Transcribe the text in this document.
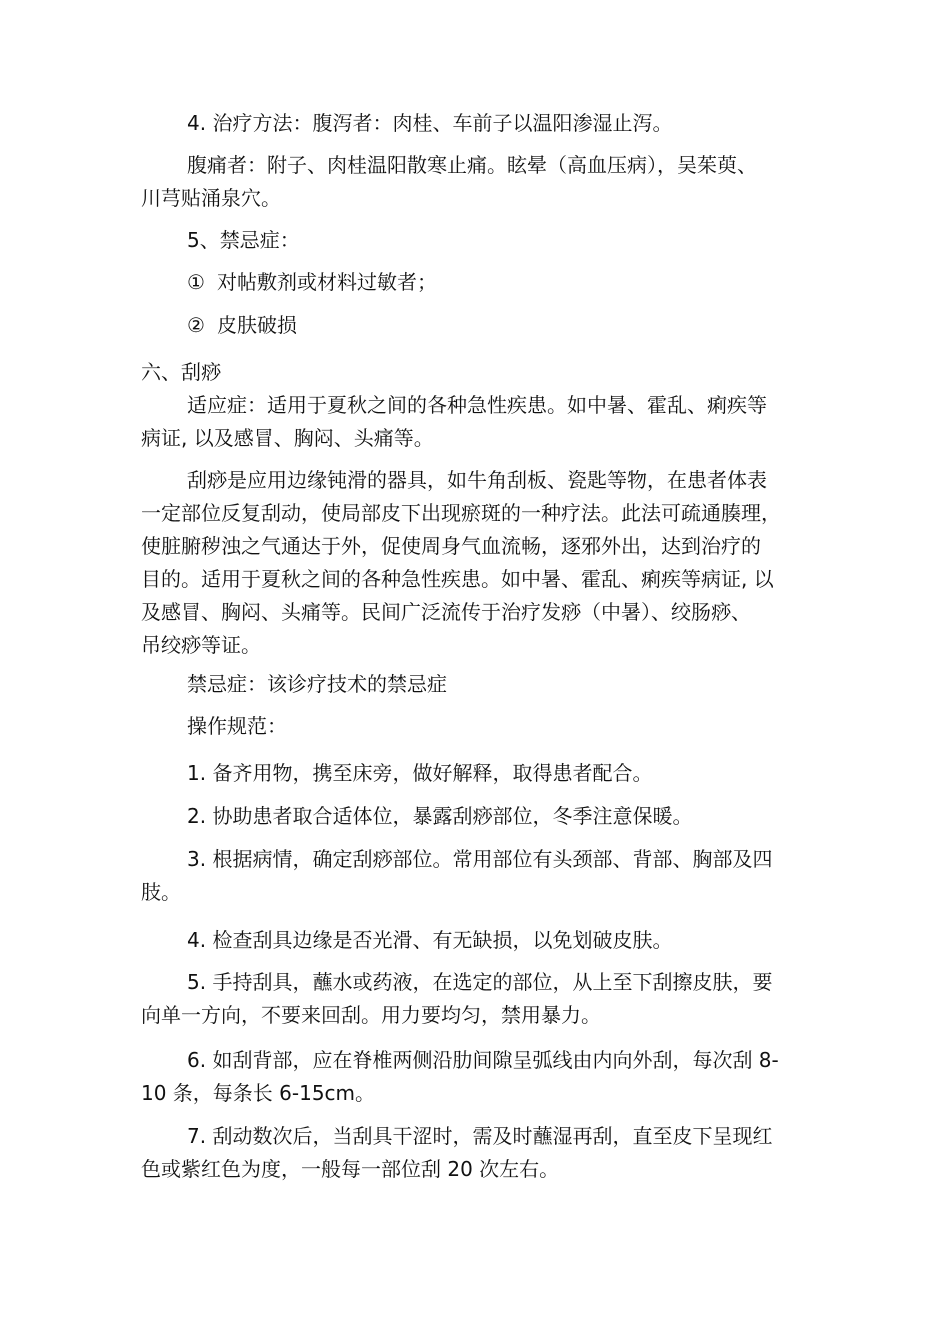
4. 治疗方法：腹泻者：肉桂、车前子以温阳渗湿止泻。

腹痛者：附子、肉桂温阳散寒止痛。眩晕（高血压病），吴茱萸、
川芎贴涌泉穴。

5、禁忌症：

① 对帖敷剂或材料过敏者；

② 皮肤破损

六、刮痧

适应症：适用于夏秋之间的各种急性疾患。如中暑、霍乱、痢疾等
病证, 以及感冒、胸闷、头痛等。

刮痧是应用边缘钝滑的器具，如牛角刮板、瓷匙等物，在患者体表
一定部位反复刮动，使局部皮下出现瘀斑的一种疗法。此法可疏通腠理，
使脏腑秽浊之气通达于外，促使周身气血流畅，逐邪外出，达到治疗的
目的。适用于夏秋之间的各种急性疾患。如中暑、霍乱、痢疾等病证, 以
及感冒、胸闷、头痛等。民间广泛流传于治疗发痧（中暑）、绞肠痧、
吊绞痧等证。

禁忌症：该诊疗技术的禁忌症

操作规范：

1. 备齐用物，携至床旁，做好解释，取得患者配合。

2. 协助患者取合适体位，暴露刮痧部位，冬季注意保暖。

3. 根据病情，确定刮痧部位。常用部位有头颈部、背部、胸部及四
肢。

4. 检查刮具边缘是否光滑、有无缺损，以免划破皮肤。

5. 手持刮具，蘸水或药液，在选定的部位，从上至下刮擦皮肤，要
向单一方向，不要来回刮。用力要均匀，禁用暴力。

6. 如刮背部，应在脊椎两侧沿肋间隙呈弧线由内向外刮，每次刮 8-
10 条，每条长 6-15cm。

7. 刮动数次后，当刮具干涩时，需及时蘸湿再刮，直至皮下呈现红
色或紫红色为度，一般每一部位刮 20 次左右。
